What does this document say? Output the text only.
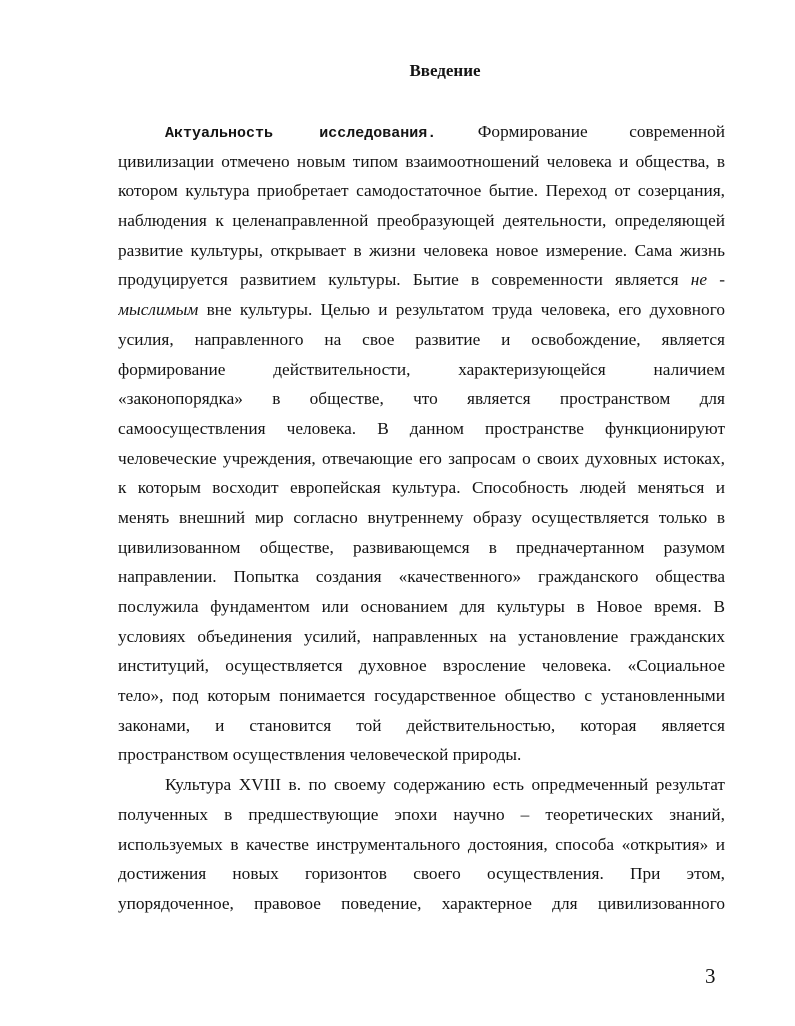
Введение
Актуальность исследования. Формирование современной
цивилизации отмечено новым типом взаимоотношений человека и общества, в
котором культура приобретает самодостаточное бытие. Переход от созерцания,
наблюдения к целенаправленной преобразующей деятельности, определяющей
развитие культуры, открывает в жизни человека новое измерение. Сама жизнь
продуцируется развитием культуры. Бытие в современности является не -
мыслимым вне культуры. Целью и результатом труда человека, его духовного
усилия, направленного на свое развитие и освобождение, является
формирование действительности, характеризующейся наличием
«законопорядка» в обществе, что является пространством для
самоосуществления человека. В данном пространстве функционируют
человеческие учреждения, отвечающие его запросам о своих духовных истоках,
к которым восходит европейская культура. Способность людей меняться и
менять внешний мир согласно внутреннему образу осуществляется только в
цивилизованном обществе, развивающемся в предначертанном разумом
направлении. Попытка создания «качественного» гражданского общества
послужила фундаментом или основанием для культуры в Новое время. В
условиях объединения усилий, направленных на установление гражданских
институций, осуществляется духовное взросление человека. «Социальное
тело», под которым понимается государственное общество с установленными
законами, и становится той действительностью, которая является
пространством осуществления человеческой природы.
Культура XVIII в. по своему содержанию есть опредмеченный результат
полученных в предшествующие эпохи научно – теоретических знаний,
используемых в качестве инструментального достояния, способа «открытия» и
достижения новых горизонтов своего осуществления. При этом,
упорядоченное, правовое поведение, характерное для цивилизованного
3
